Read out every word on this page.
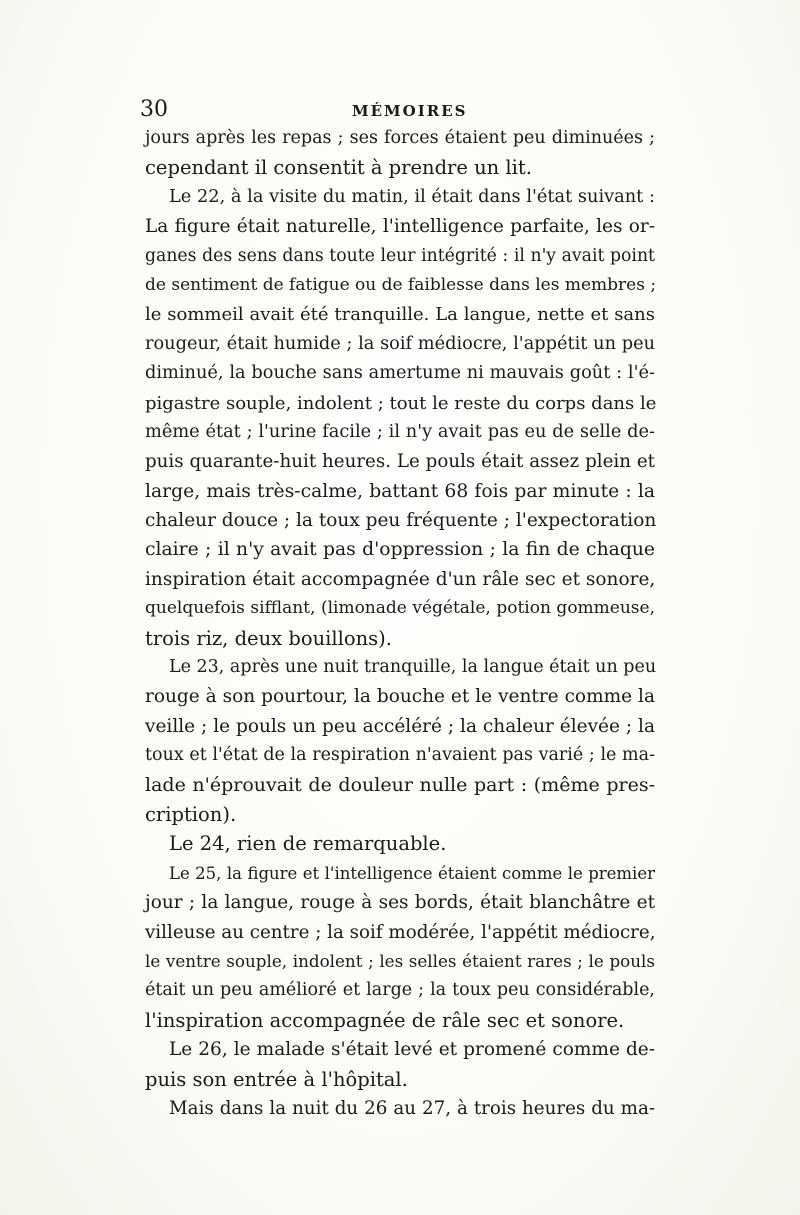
30	MÉMOIRES
jours après les repas ; ses forces étaient peu diminuées ;
cependant il consentit à prendre un lit.
Le 22, à la visite du matin, il était dans l'état suivant :
La figure était naturelle, l'intelligence parfaite, les or-
ganes des sens dans toute leur intégrité : il n'y avait point
de sentiment de fatigue ou de faiblesse dans les membres ;
le sommeil avait été tranquille. La langue, nette et sans
rougeur, était humide ; la soif médiocre, l'appétit un peu
diminué, la bouche sans amertume ni mauvais goût : l'é-
pigastre souple, indolent ; tout le reste du corps dans le
même état ; l'urine facile ; il n'y avait pas eu de selle de-
puis quarante-huit heures. Le pouls était assez plein et
large, mais très-calme, battant 68 fois par minute : la
chaleur douce ; la toux peu fréquente ; l'expectoration
claire ; il n'y avait pas d'oppression ; la fin de chaque
inspiration était accompagnée d'un râle sec et sonore,
quelquefois sifflant, (limonade végétale, potion gommeuse,
trois riz, deux bouillons).
Le 23, après une nuit tranquille, la langue était un peu
rouge à son pourtour, la bouche et le ventre comme la
veille ; le pouls un peu accéléré ; la chaleur élevée ; la
toux et l'état de la respiration n'avaient pas varié ; le ma-
lade n'éprouvait de douleur nulle part : (même pres-
cription).
Le 24, rien de remarquable.
Le 25, la figure et l'intelligence étaient comme le premier
jour ; la langue, rouge à ses bords, était blanchâtre et
villeuse au centre ; la soif modérée, l'appétit médiocre,
le ventre souple, indolent ; les selles étaient rares ; le pouls
était un peu amélioré et large ; la toux peu considérable,
l'inspiration accompagnée de râle sec et sonore.
Le 26, le malade s'était levé et promené comme de-
puis son entrée à l'hôpital.
Mais dans la nuit du 26 au 27, à trois heures du ma-
